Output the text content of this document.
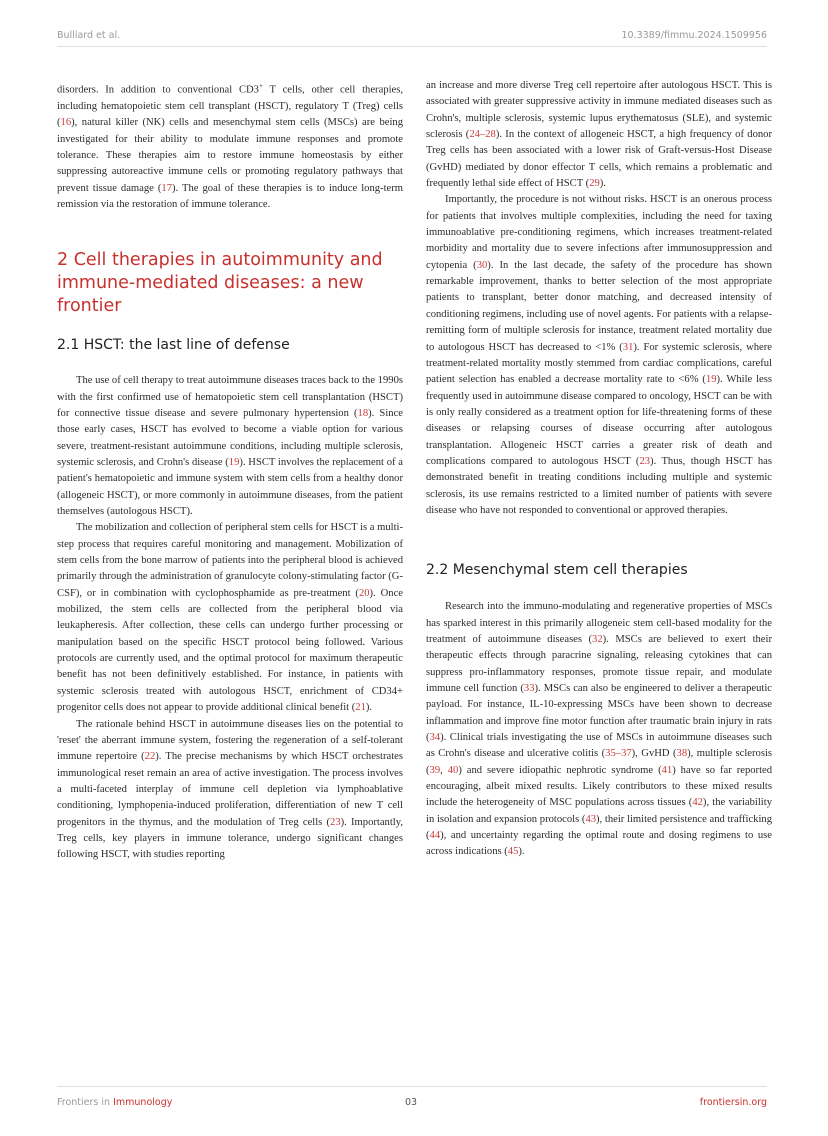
Bulliard et al.	10.3389/fimmu.2024.1509956

disorders. In addition to conventional CD3+ T cells, other cell therapies, including hematopoietic stem cell transplant (HSCT), regulatory T (Treg) cells (16), natural killer (NK) cells and mesenchymal stem cells (MSCs) are being investigated for their ability to modulate immune responses and promote tolerance. These therapies aim to restore immune homeostasis by either suppressing autoreactive immune cells or promoting regulatory pathways that prevent tissue damage (17). The goal of these therapies is to induce long-term remission via the restoration of immune tolerance.

2 Cell therapies in autoimmunity and immune-mediated diseases: a new frontier
2.1 HSCT: the last line of defense

The use of cell therapy to treat autoimmune diseases traces back to the 1990s with the first confirmed use of hematopoietic stem cell transplantation (HSCT) for connective tissue disease and severe pulmonary hypertension (18). Since those early cases, HSCT has evolved to become a viable option for various severe, treatment-resistant autoimmune conditions, including multiple sclerosis, systemic sclerosis, and Crohn's disease (19). HSCT involves the replacement of a patient's hematopoietic and immune system with stem cells from a healthy donor (allogeneic HSCT), or more commonly in autoimmune diseases, from the patient themselves (autologous HSCT).

The mobilization and collection of peripheral stem cells for HSCT is a multi-step process that requires careful monitoring and management. Mobilization of stem cells from the bone marrow of patients into the peripheral blood is achieved primarily through the administration of granulocyte colony-stimulating factor (G-CSF), or in combination with cyclophosphamide as pre-treatment (20). Once mobilized, the stem cells are collected from the peripheral blood via leukapheresis. After collection, these cells can undergo further processing or manipulation based on the specific HSCT protocol being followed. Various protocols are currently used, and the optimal protocol for maximum therapeutic benefit has not been definitively established. For instance, in patients with systemic sclerosis treated with autologous HSCT, enrichment of CD34+ progenitor cells does not appear to provide additional clinical benefit (21).

The rationale behind HSCT in autoimmune diseases lies on the potential to 'reset' the aberrant immune system, fostering the regeneration of a self-tolerant immune repertoire (22). The precise mechanisms by which HSCT orchestrates immunological reset remain an area of active investigation. The process involves a multi-faceted interplay of immune cell depletion via lymphoablative conditioning, lymphopenia-induced proliferation, differentiation of new T cell progenitors in the thymus, and the modulation of Treg cells (23). Importantly, Treg cells, key players in immune tolerance, undergo significant changes following HSCT, with studies reporting

an increase and more diverse Treg cell repertoire after autologous HSCT. This is associated with greater suppressive activity in immune mediated diseases such as Crohn's, multiple sclerosis, systemic lupus erythematosus (SLE), and systemic sclerosis (24–28). In the context of allogeneic HSCT, a high frequency of donor Treg cells has been associated with a lower risk of Graft-versus-Host Disease (GvHD) mediated by donor effector T cells, which remains a problematic and frequently lethal side effect of HSCT (29).

Importantly, the procedure is not without risks. HSCT is an onerous process for patients that involves multiple complexities, including the need for taxing immunoablative pre-conditioning regimens, which increases treatment-related morbidity and mortality due to severe infections after immunosuppression and cytopenia (30). In the last decade, the safety of the procedure has shown remarkable improvement, thanks to better selection of the most appropriate patients to transplant, better donor matching, and decreased intensity of conditioning regimens, including use of novel agents. For patients with a relapse-remitting form of multiple sclerosis for instance, treatment related mortality due to autologous HSCT has decreased to <1% (31). For systemic sclerosis, where treatment-related mortality mostly stemmed from cardiac complications, careful patient selection has enabled a decrease mortality rate to <6% (19). While less frequently used in autoimmune disease compared to oncology, HSCT can be with is only really considered as a treatment option for life-threatening forms of these diseases or relapsing courses of disease occurring after autologous transplantation. Allogeneic HSCT carries a greater risk of death and complications compared to autologous HSCT (23). Thus, though HSCT has demonstrated benefit in treating conditions including multiple and systemic sclerosis, its use remains restricted to a limited number of patients with severe disease who have not responded to conventional or approved therapies.

2.2 Mesenchymal stem cell therapies

Research into the immuno-modulating and regenerative properties of MSCs has sparked interest in this primarily allogeneic stem cell-based modality for the treatment of autoimmune diseases (32). MSCs are believed to exert their therapeutic effects through paracrine signaling, releasing cytokines that can suppress pro-inflammatory responses, promote tissue repair, and modulate immune cell function (33). MSCs can also be engineered to deliver a therapeutic payload. For instance, IL-10-expressing MSCs have been shown to decrease inflammation and improve fine motor function after traumatic brain injury in rats (34). Clinical trials investigating the use of MSCs in autoimmune diseases such as Crohn's disease and ulcerative colitis (35–37), GvHD (38), multiple sclerosis (39, 40) and severe idiopathic nephrotic syndrome (41) have so far reported encouraging, albeit mixed results. Likely contributors to these mixed results include the heterogeneity of MSC populations across tissues (42), the variability in isolation and expansion protocols (43), their limited persistence and trafficking (44), and uncertainty regarding the optimal route and dosing regimens to use across indications (45).

Frontiers in Immunology	03	frontiersin.org
